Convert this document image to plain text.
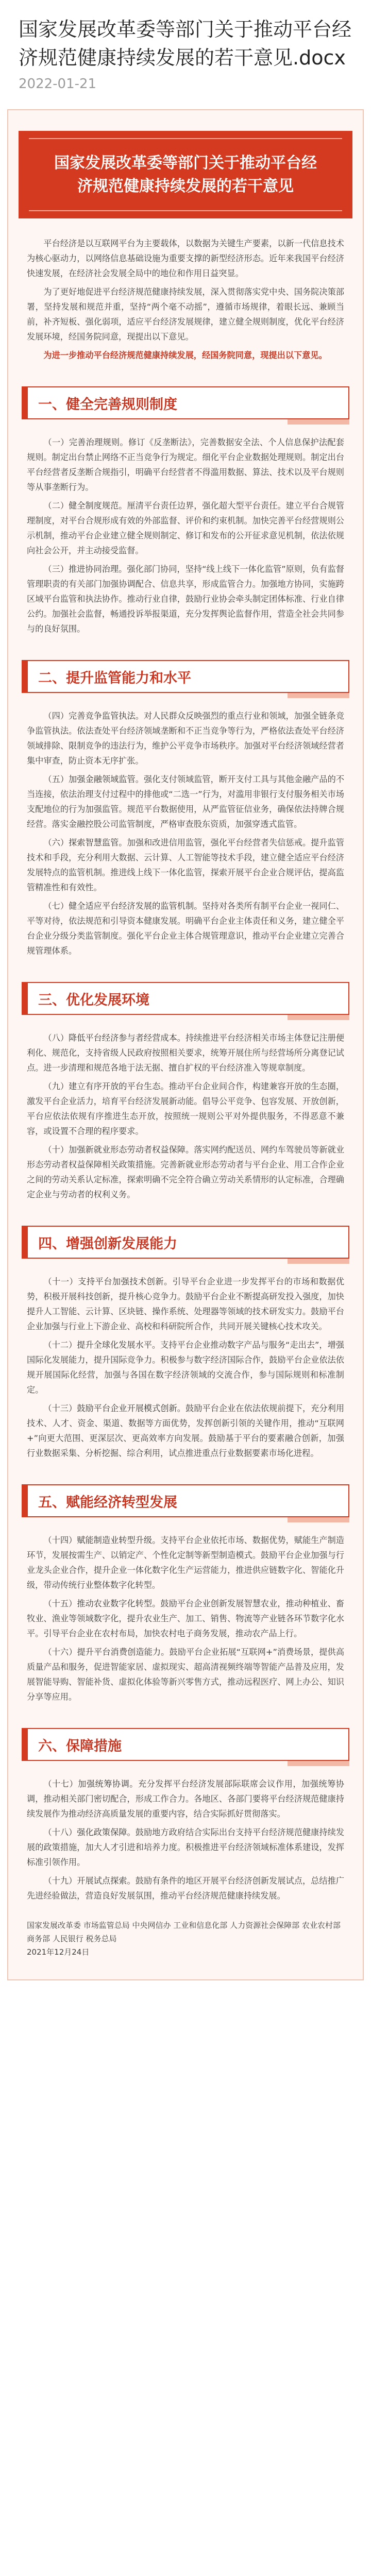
国家发展改革委等部门关于推动平台经济规范健康持续发展的若干意见.docx
2022-01-21
国家发展改革委等部门关于推动平台经济规范健康持续发展的若干意见

平台经济是以互联网平台为主要载体，以数据为关键生产要素，以新一代信息技术为核心驱动力，以网络信息基础设施为重要支撑的新型经济形态。近年来我国平台经济快速发展，在经济社会发展全局中的地位和作用日益突显。

为了更好地促进平台经济规范健康持续发展，深入贯彻落实党中央、国务院决策部署，坚持发展和规范并重，坚持“两个毫不动摇”，遵循市场规律，着眼长远、兼顾当前，补齐短板、强化弱项，适应平台经济发展规律，建立健全规则制度，优化平台经济发展环境，经国务院同意，现提出以下意见。

为进一步推动平台经济规范健康持续发展，经国务院同意，现提出以下意见。

一、健全完善规则制度

（一）完善治理规则。修订《反垄断法》，完善数据安全法、个人信息保护法配套规则。制定出台禁止网络不正当竞争行为规定。细化平台企业数据处理规则。制定出台平台经营者反垄断合规指引，明确平台经营者不得滥用数据、算法、技术以及平台规则等从事垄断行为。

（二）健全制度规范。厘清平台责任边界，强化超大型平台责任。建立平台合规管理制度，对平台合规形成有效的外部监督、评价和约束机制。加快完善平台经营规则公示机制，推动平台企业建立健全规则制定、修订和发布的公开征求意见机制，依法依规向社会公开，并主动接受监督。

（三）推进协同治理。强化部门协同，坚持“线上线下一体化监管”原则，负有监督管理职责的有关部门加强协调配合、信息共享，形成监管合力。加强地方协同，实施跨区域平台监管和执法协作。推动行业自律，鼓励行业协会牵头制定团体标准、行业自律公约。加强社会监督，畅通投诉举报渠道，充分发挥舆论监督作用，营造全社会共同参与的良好氛围。

二、提升监管能力和水平

（四）完善竞争监管执法。对人民群众反映强烈的重点行业和领域，加强全链条竞争监管执法。依法查处平台经济领域垄断和不正当竞争等行为，严格依法查处平台经济领域排除、限制竞争的违法行为，维护公平竞争市场秩序。加强对平台经济领域经营者集中审查，防止资本无序扩张。

（五）加强金融领域监管。强化支付领域监管，断开支付工具与其他金融产品的不当连接，依法治理支付过程中的排他或“二选一”行为，对滥用非银行支付服务相关市场支配地位的行为加强监管。规范平台数据使用，从严监管征信业务，确保依法持牌合规经营。落实金融控股公司监管制度，严格审查股东资质，加强穿透式监管。

（六）探索智慧监管。加强和改进信用监管，强化平台经营者失信惩戒。提升监管技术和手段，充分利用大数据、云计算、人工智能等技术手段，建立健全适应平台经济发展特点的监管机制。推进线上线下一体化监管，探索开展平台企业合规评估，提高监管精准性和有效性。

（七）健全适应平台经济发展的监管机制。坚持对各类所有制平台企业一视同仁、平等对待，依法规范和引导资本健康发展。明确平台企业主体责任和义务，建立健全平台企业分级分类监管制度。强化平台企业主体合规管理意识，推动平台企业建立完善合规管理体系。

三、优化发展环境

（八）降低平台经济参与者经营成本。持续推进平台经济相关市场主体登记注册便利化、规范化，支持省级人民政府按照相关要求，统筹开展住所与经营场所分离登记试点。进一步清理和规范各地于法无据、擅自扩权的平台经济准入等规章制度。

（九）建立有序开放的平台生态。推动平台企业间合作，构建兼容开放的生态圈，激发平台企业活力，培育平台经济发展新动能。倡导公平竞争、包容发展、开放创新，平台应依法依规有序推进生态开放，按照统一规则公平对外提供服务，不得恶意不兼容，或设置不合理的程序要求。

（十）加强新就业形态劳动者权益保障。落实网约配送员、网约车驾驶员等新就业形态劳动者权益保障相关政策措施。完善新就业形态劳动者与平台企业、用工合作企业之间的劳动关系认定标准，探索明确不完全符合确立劳动关系情形的认定标准，合理确定企业与劳动者的权利义务。

四、增强创新发展能力

（十一）支持平台加强技术创新。引导平台企业进一步发挥平台的市场和数据优势，积极开展科技创新，提升核心竞争力。鼓励平台企业不断提高研发投入强度，加快提升人工智能、云计算、区块链、操作系统、处理器等领域的技术研发实力。鼓励平台企业加强与行业上下游企业、高校和科研院所合作，共同开展关键核心技术攻关。

（十二）提升全球化发展水平。支持平台企业推动数字产品与服务“走出去”，增强国际化发展能力，提升国际竞争力。积极参与数字经济国际合作，鼓励平台企业依法依规开展国际化经营，加强与各国在数字经济领域的交流合作，参与国际规则和标准制定。

（十三）鼓励平台企业开展模式创新。鼓励平台企业在依法依规前提下，充分利用技术、人才、资金、渠道、数据等方面优势，发挥创新引领的关键作用，推动“互联网+”向更大范围、更深层次、更高效率方向发展。鼓励基于平台的要素融合创新，加强行业数据采集、分析挖掘、综合利用，试点推进重点行业数据要素市场化进程。

五、赋能经济转型发展

（十四）赋能制造业转型升级。支持平台企业依托市场、数据优势，赋能生产制造环节，发展按需生产、以销定产、个性化定制等新型制造模式。鼓励平台企业加强与行业龙头企业合作，提升企业一体化数字化生产运营能力，推进供应链数字化、智能化升级，带动传统行业整体数字化转型。

（十五）推动农业数字化转型。鼓励平台企业创新发展智慧农业，推动种植业、畜牧业、渔业等领域数字化，提升农业生产、加工、销售、物流等产业链各环节数字化水平。引导平台企业在农村布局，加快农村电子商务发展，推动农产品上行。

（十六）提升平台消费创造能力。鼓励平台企业拓展“互联网+”消费场景，提供高质量产品和服务，促进智能家居、虚拟现实、超高清视频终端等智能产品普及应用，发展智能导购、智能补货、虚拟化体验等新兴零售方式，推动远程医疗、网上办公、知识分享等应用。

六、保障措施

（十七）加强统筹协调。充分发挥平台经济发展部际联席会议作用，加强统筹协调，推动相关部门密切配合，形成工作合力。各地区、各部门要将平台经济规范健康持续发展作为推动经济高质量发展的重要内容，结合实际抓好贯彻落实。

（十八）强化政策保障。鼓励地方政府结合实际出台支持平台经济规范健康持续发展的政策措施，加大人才引进和培养力度。积极推进平台经济领域标准体系建设，发挥标准引领作用。

（十九）开展试点探索。鼓励有条件的地区开展平台经济创新发展试点，总结推广先进经验做法，营造良好发展氛围，推动平台经济规范健康持续发展。

国家发展改革委 市场监管总局 中央网信办 工业和信息化部 人力资源社会保障部 农业农村部 商务部 人民银行 税务总局
2021年12月24日
